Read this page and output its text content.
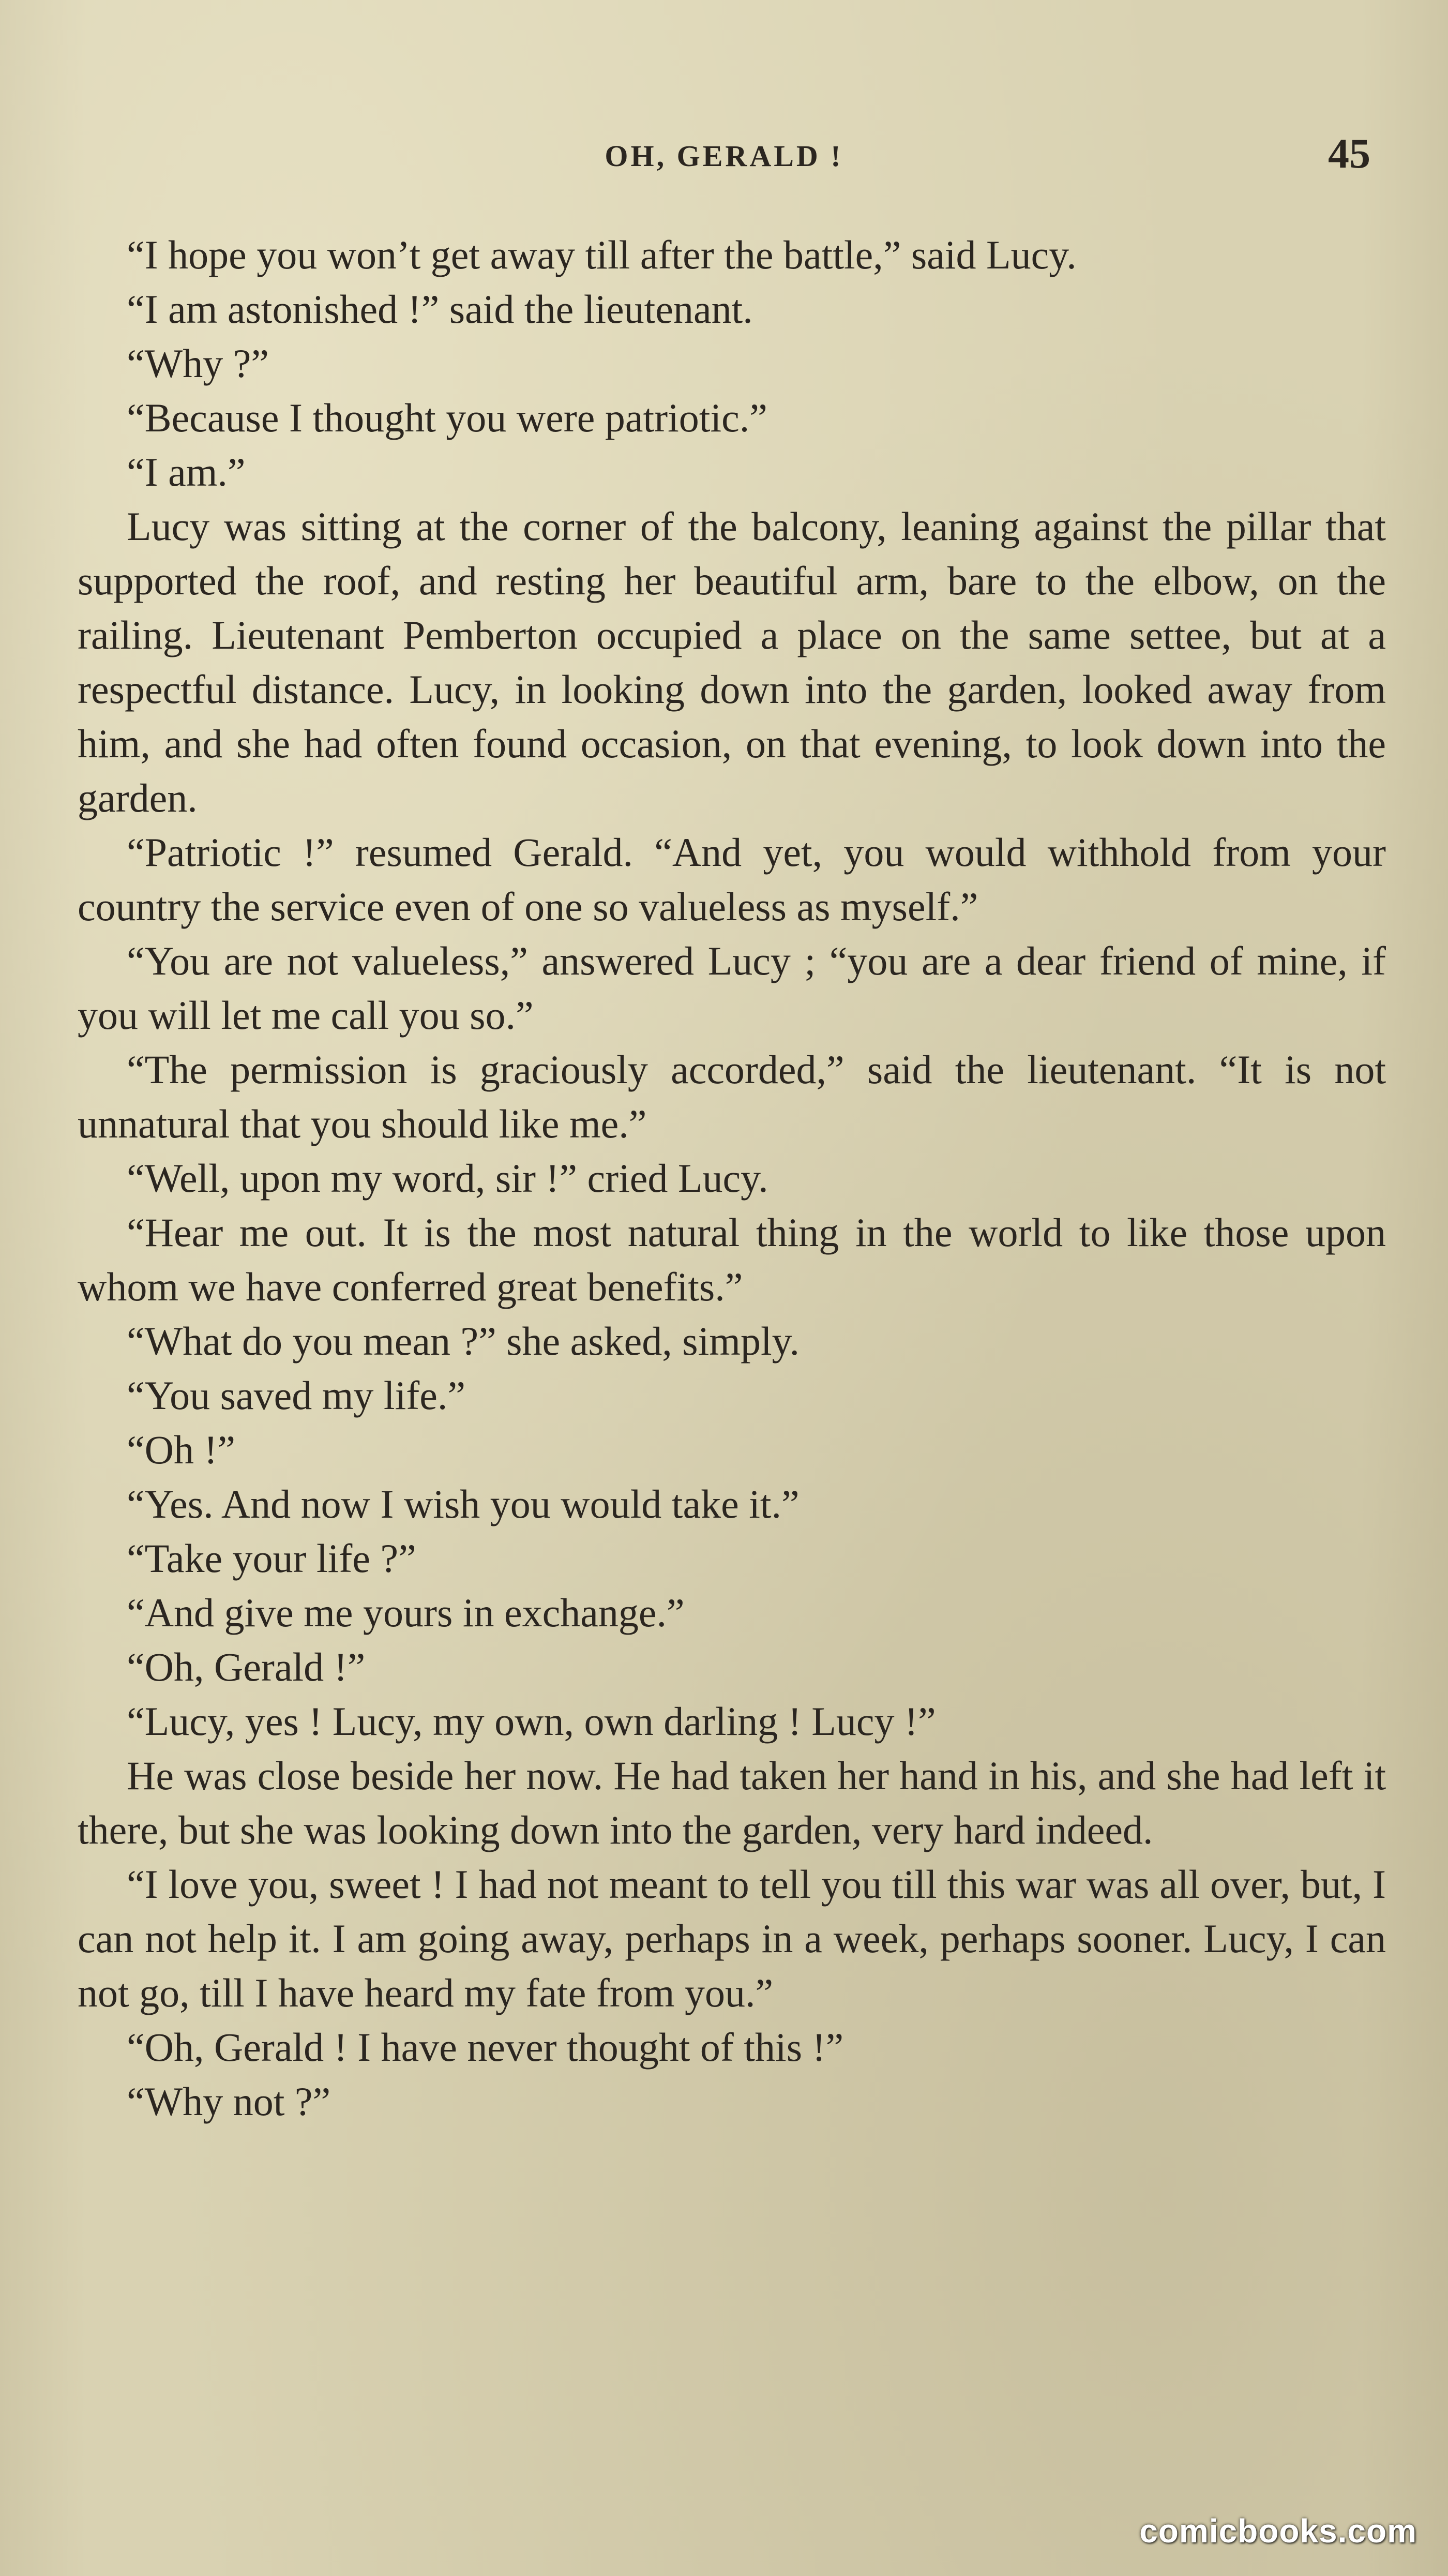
OH, GERALD !	45

“I hope you won’t get away till after the battle,” said Lucy.

“I am astonished !” said the lieutenant.

“Why ?”

“Because I thought you were patriotic.”

“I am.”

Lucy was sitting at the corner of the balcony, leaning against the pillar that supported the roof, and resting her beautiful arm, bare to the elbow, on the railing. Lieutenant Pemberton occupied a place on the same settee, but at a respectful distance. Lucy, in looking down into the garden, looked away from him, and she had often found occasion, on that evening, to look down into the garden.

“Patriotic !” resumed Gerald. “And yet, you would withhold from your country the service even of one so valueless as myself.”

“You are not valueless,” answered Lucy ; “you are a dear friend of mine, if you will let me call you so.”

“The permission is graciously accorded,” said the lieutenant. “It is not unnatural that you should like me.”

“Well, upon my word, sir !” cried Lucy.

“Hear me out. It is the most natural thing in the world to like those upon whom we have conferred great benefits.”

“What do you mean ?” she asked, simply.

“You saved my life.”

“Oh !”

“Yes. And now I wish you would take it.”

“Take your life ?”

“And give me yours in exchange.”

“Oh, Gerald !”

“Lucy, yes ! Lucy, my own, own darling ! Lucy !”

He was close beside her now. He had taken her hand in his, and she had left it there, but she was looking down into the garden, very hard indeed.

“I love you, sweet ! I had not meant to tell you till this war was all over, but, I can not help it. I am going away, perhaps in a week, perhaps sooner. Lucy, I can not go, till I have heard my fate from you.”

“Oh, Gerald ! I have never thought of this !”

“Why not ?”

comicbooks.com
